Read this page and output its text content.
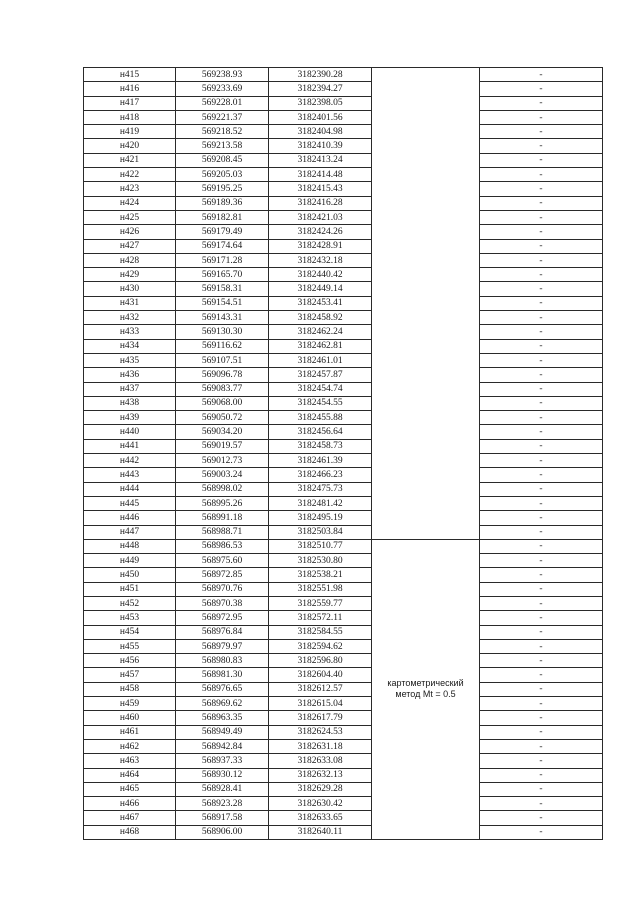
н415	569238.93	3182390.28		-
н416	569233.69	3182394.27		-
н417	569228.01	3182398.05		-
н418	569221.37	3182401.56		-
н419	569218.52	3182404.98		-
н420	569213.58	3182410.39		-
н421	569208.45	3182413.24		-
н422	569205.03	3182414.48		-
н423	569195.25	3182415.43		-
н424	569189.36	3182416.28		-
н425	569182.81	3182421.03		-
н426	569179.49	3182424.26		-
н427	569174.64	3182428.91		-
н428	569171.28	3182432.18		-
н429	569165.70	3182440.42		-
н430	569158.31	3182449.14		-
н431	569154.51	3182453.41		-
н432	569143.31	3182458.92		-
н433	569130.30	3182462.24		-
н434	569116.62	3182462.81		-
н435	569107.51	3182461.01		-
н436	569096.78	3182457.87		-
н437	569083.77	3182454.74		-
н438	569068.00	3182454.55		-
н439	569050.72	3182455.88		-
н440	569034.20	3182456.64		-
н441	569019.57	3182458.73		-
н442	569012.73	3182461.39		-
н443	569003.24	3182466.23		-
н444	568998.02	3182475.73		-
н445	568995.26	3182481.42		-
н446	568991.18	3182495.19		-
н447	568988.71	3182503.84		-
н448	568986.53	3182510.77	картометрический
метод Mt = 0.5	-
н449	568975.60	3182530.80		-
н450	568972.85	3182538.21		-
н451	568970.76	3182551.98		-
н452	568970.38	3182559.77		-
н453	568972.95	3182572.11		-
н454	568976.84	3182584.55		-
н455	568979.97	3182594.62		-
н456	568980.83	3182596.80		-
н457	568981.30	3182604.40		-
н458	568976.65	3182612.57		-
н459	568969.62	3182615.04		-
н460	568963.35	3182617.79		-
н461	568949.49	3182624.53		-
н462	568942.84	3182631.18		-
н463	568937.33	3182633.08		-
н464	568930.12	3182632.13		-
н465	568928.41	3182629.28		-
н466	568923.28	3182630.42		-
н467	568917.58	3182633.65		-
н468	568906.00	3182640.11		-
